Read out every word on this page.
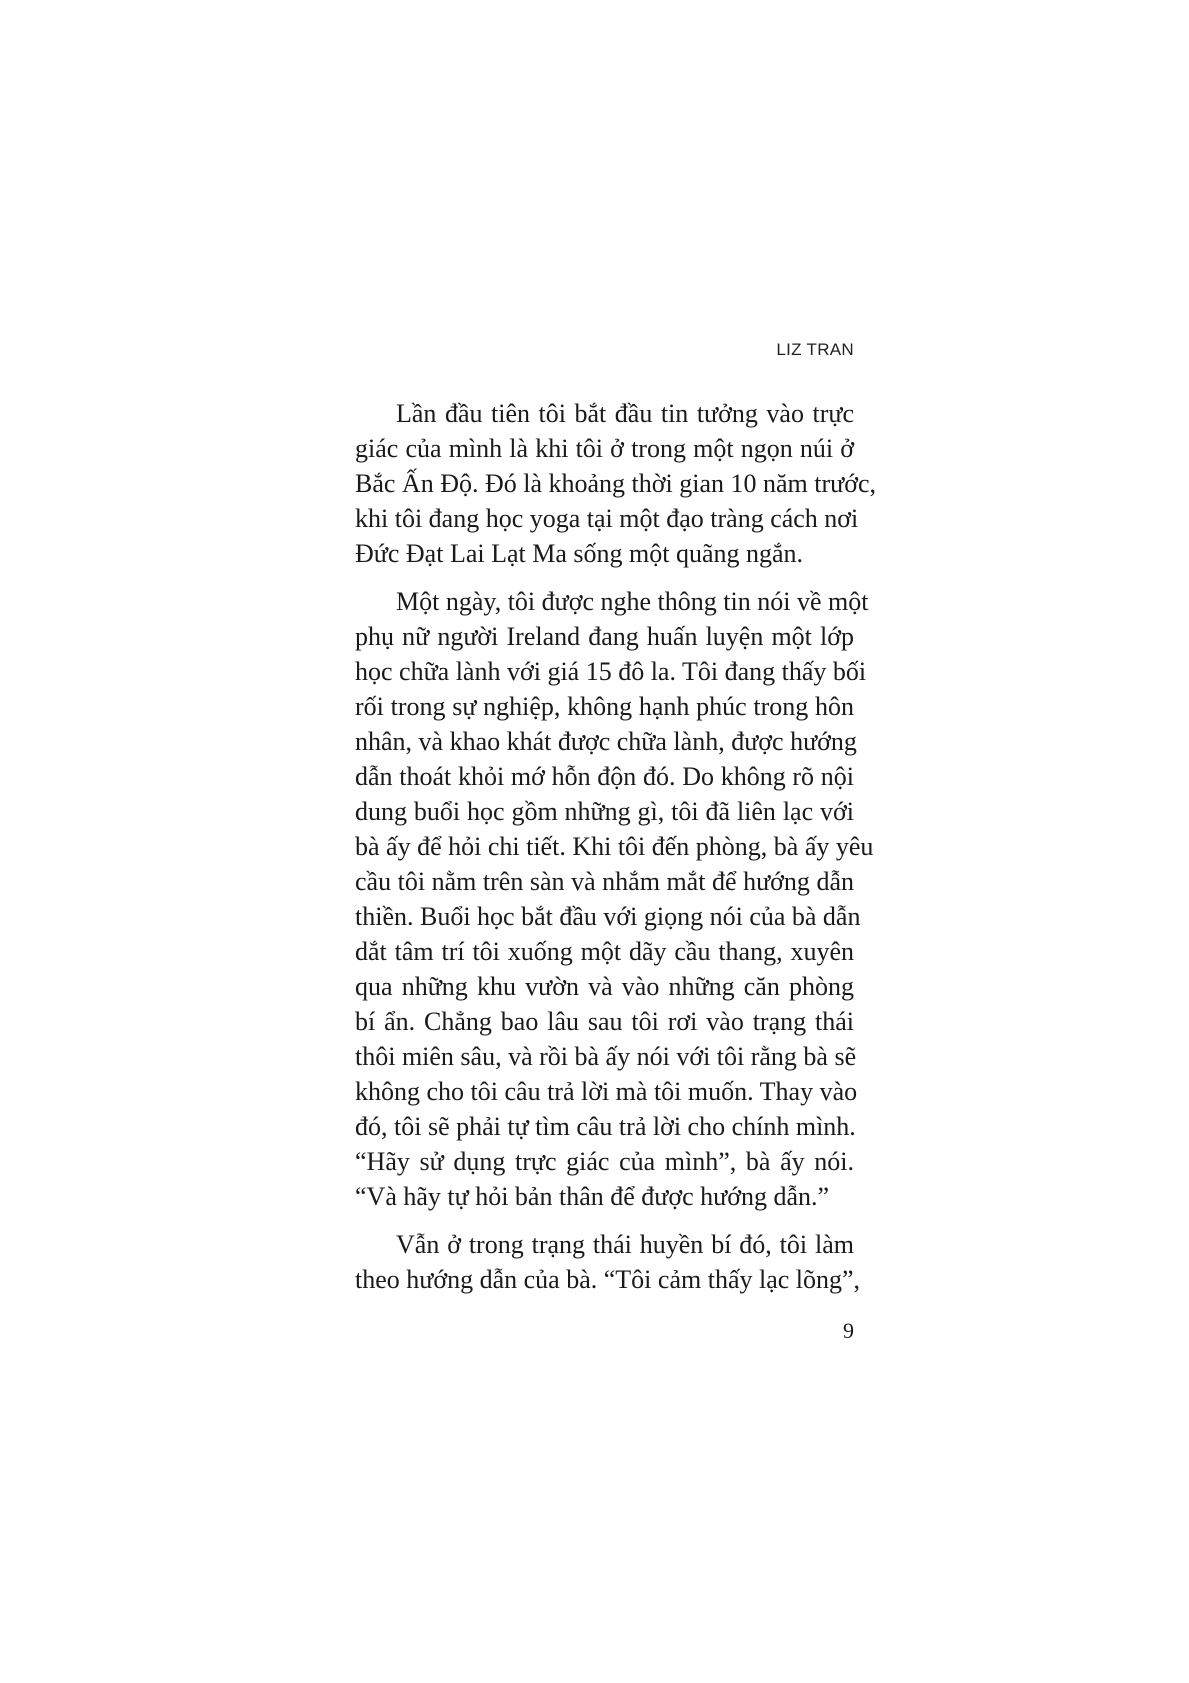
LIZ TRAN

Lần đầu tiên tôi bắt đầu tin tưởng vào trực
giác của mình là khi tôi ở trong một ngọn núi ở
Bắc Ấn Độ. Đó là khoảng thời gian 10 năm trước,
khi tôi đang học yoga tại một đạo tràng cách nơi
Đức Đạt Lai Lạt Ma sống một quãng ngắn.

Một ngày, tôi được nghe thông tin nói về một
phụ nữ người Ireland đang huấn luyện một lớp
học chữa lành với giá 15 đô la. Tôi đang thấy bối
rối trong sự nghiệp, không hạnh phúc trong hôn
nhân, và khao khát được chữa lành, được hướng
dẫn thoát khỏi mớ hỗn độn đó. Do không rõ nội
dung buổi học gồm những gì, tôi đã liên lạc với
bà ấy để hỏi chi tiết. Khi tôi đến phòng, bà ấy yêu
cầu tôi nằm trên sàn và nhắm mắt để hướng dẫn
thiền. Buổi học bắt đầu với giọng nói của bà dẫn
dắt tâm trí tôi xuống một dãy cầu thang, xuyên
qua những khu vườn và vào những căn phòng
bí ẩn. Chẳng bao lâu sau tôi rơi vào trạng thái
thôi miên sâu, và rồi bà ấy nói với tôi rằng bà sẽ
không cho tôi câu trả lời mà tôi muốn. Thay vào
đó, tôi sẽ phải tự tìm câu trả lời cho chính mình.
“Hãy sử dụng trực giác của mình”, bà ấy nói.
“Và hãy tự hỏi bản thân để được hướng dẫn.”

Vẫn ở trong trạng thái huyền bí đó, tôi làm
theo hướng dẫn của bà. “Tôi cảm thấy lạc lõng”,

9
